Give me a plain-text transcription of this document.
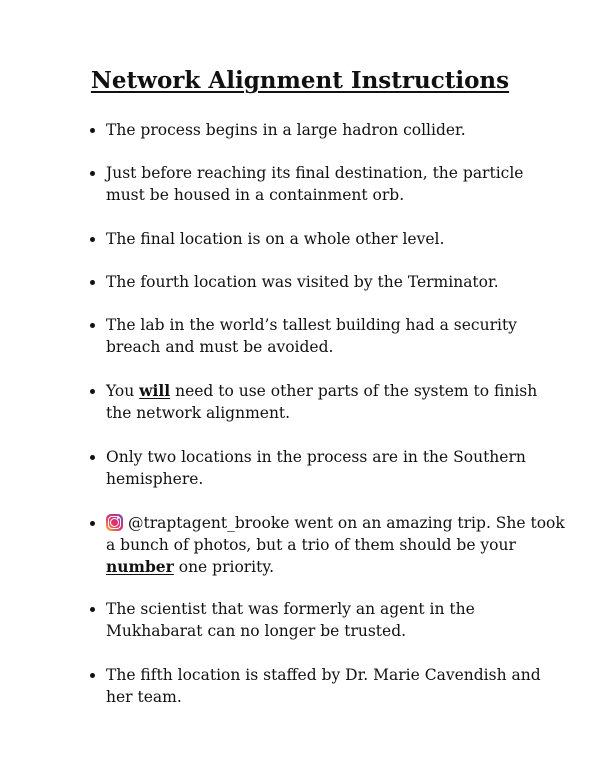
Network Alignment Instructions
The process begins in a large hadron collider.
Just before reaching its final destination, the particle must be housed in a containment orb.
The final location is on a whole other level.
The fourth location was visited by the Terminator.
The lab in the world’s tallest building had a security breach and must be avoided.
You will need to use other parts of the system to finish the network alignment.
Only two locations in the process are in the Southern hemisphere.
@traptagent_brooke went on an amazing trip. She took a bunch of photos, but a trio of them should be your number one priority.
The scientist that was formerly an agent in the Mukhabarat can no longer be trusted.
The fifth location is staffed by Dr. Marie Cavendish and her team.
